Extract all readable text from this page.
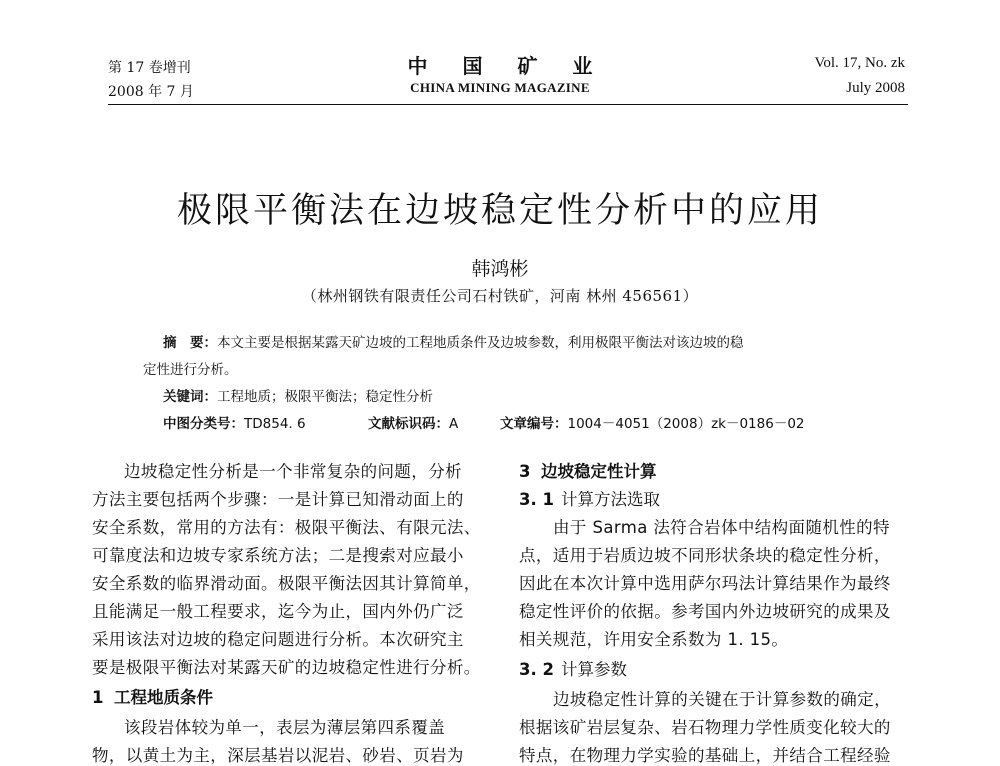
第 17 卷增刊
2008 年 7 月
中 国 矿 业
CHINA MINING MAGAZINE
Vol. 17, No. zk
July 2008
极限平衡法在边坡稳定性分析中的应用
韩鸿彬
（林州钢铁有限责任公司石村铁矿，河南 林州 456561）
摘　要：本文主要是根据某露天矿边坡的工程地质条件及边坡参数，利用极限平衡法对该边坡的稳
定性进行分析。
关键词：工程地质；极限平衡法；稳定性分析
中图分类号：TD854. 6	文献标识码：A	文章编号：1004－4051（2008）zk－0186－02
边坡稳定性分析是一个非常复杂的问题，分析
方法主要包括两个步骤：一是计算已知滑动面上的
安全系数，常用的方法有：极限平衡法、有限元法、
可靠度法和边坡专家系统方法；二是搜索对应最小
安全系数的临界滑动面。极限平衡法因其计算简单，
且能满足一般工程要求，迄今为止，国内外仍广泛
采用该法对边坡的稳定问题进行分析。本次研究主
要是极限平衡法对某露天矿的边坡稳定性进行分析。
1 工程地质条件
该段岩体较为单一，表层为薄层第四系覆盖
物，以黄土为主，深层基岩以泥岩、砂岩、页岩为
3 边坡稳定性计算
3. 1 计算方法选取
由于 Sarma 法符合岩体中结构面随机性的特
点，适用于岩质边坡不同形状条块的稳定性分析，
因此在本次计算中选用萨尔玛法计算结果作为最终
稳定性评价的依据。参考国内外边坡研究的成果及
相关规范，许用安全系数为 1. 15。
3. 2 计算参数
边坡稳定性计算的关键在于计算参数的确定，
根据该矿岩层复杂、岩石物理力学性质变化较大的
特点，在物理力学实验的基础上，并结合工程经验
